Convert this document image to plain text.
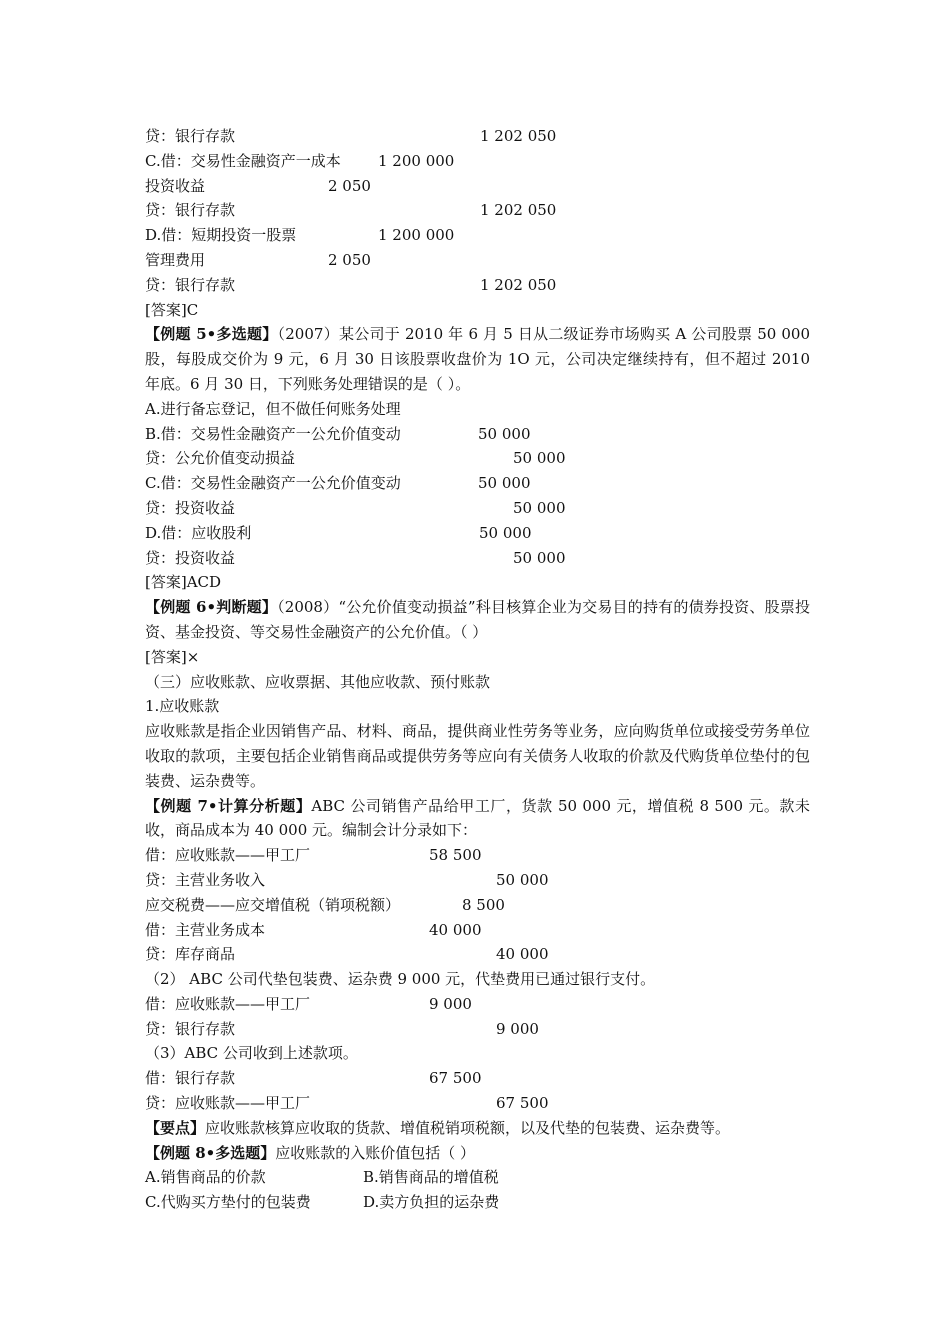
贷：银行存款	1 202 050
C.借：交易性金融资产一成本 1 200 000
投资收益	2 050
贷：银行存款	1 202 050
D.借：短期投资一股票	1 200 000
管理费用	2 050
贷：银行存款	1 202 050
[答案]C
【例题 5•多选题】（2007）某公司于 2010 年 6 月 5 日从二级证券市场购买 A 公司股票 50 000 股，每股成交价为 9 元，6 月 30 日该股票收盘价为 1O 元，公司决定继续持有，但不超过 2010 年底。6 月 30 日，下列账务处理错误的是（ ）。
A.进行备忘登记，但不做任何账务处理
B.借：交易性金融资产一公允价值变动	50 000
贷：公允价值变动损益	50 000
C.借：交易性金融资产一公允价值变动	50 000
贷：投资收益	50 000
D.借：应收股利	50 000
贷：投资收益	50 000
[答案]ACD
【例题 6•判断题】（2008）“公允价值变动损益”科目核算企业为交易目的持有的债券投资、股票投资、基金投资、等交易性金融资产的公允价值。（ ）
[答案]×
（三）应收账款、应收票据、其他应收款、预付账款
1.应收账款
应收账款是指企业因销售产品、材料、商品，提供商业性劳务等业务，应向购货单位或接受劳务单位收取的款项，主要包括企业销售商品或提供劳务等应向有关债务人收取的价款及代购货单位垫付的包装费、运杂费等。
【例题 7•计算分析题】ABC 公司销售产品给甲工厂，货款 50 000 元，增值税 8 500 元。款未收，商品成本为 40 000 元。编制会计分录如下：
借：应收账款——甲工厂	58 500
贷：主营业务收入	50 000
应交税费——应交增值税（销项税额）	8 500
借：主营业务成本	40 000
贷：库存商品	40 000
（2） ABC 公司代垫包装费、运杂费 9 000 元，代垫费用已通过银行支付。
借：应收账款——甲工厂	9 000
贷：银行存款	9 000
（3）ABC 公司收到上述款项。
借：银行存款	67 500
贷：应收账款——甲工厂	67 500
【要点】应收账款核算应收取的货款、增值税销项税额，以及代垫的包装费、运杂费等。
【例题 8•多选题】应收账款的入账价值包括（ ）
A.销售商品的价款	B.销售商品的增值税
C.代购买方垫付的包装费	D.卖方负担的运杂费
